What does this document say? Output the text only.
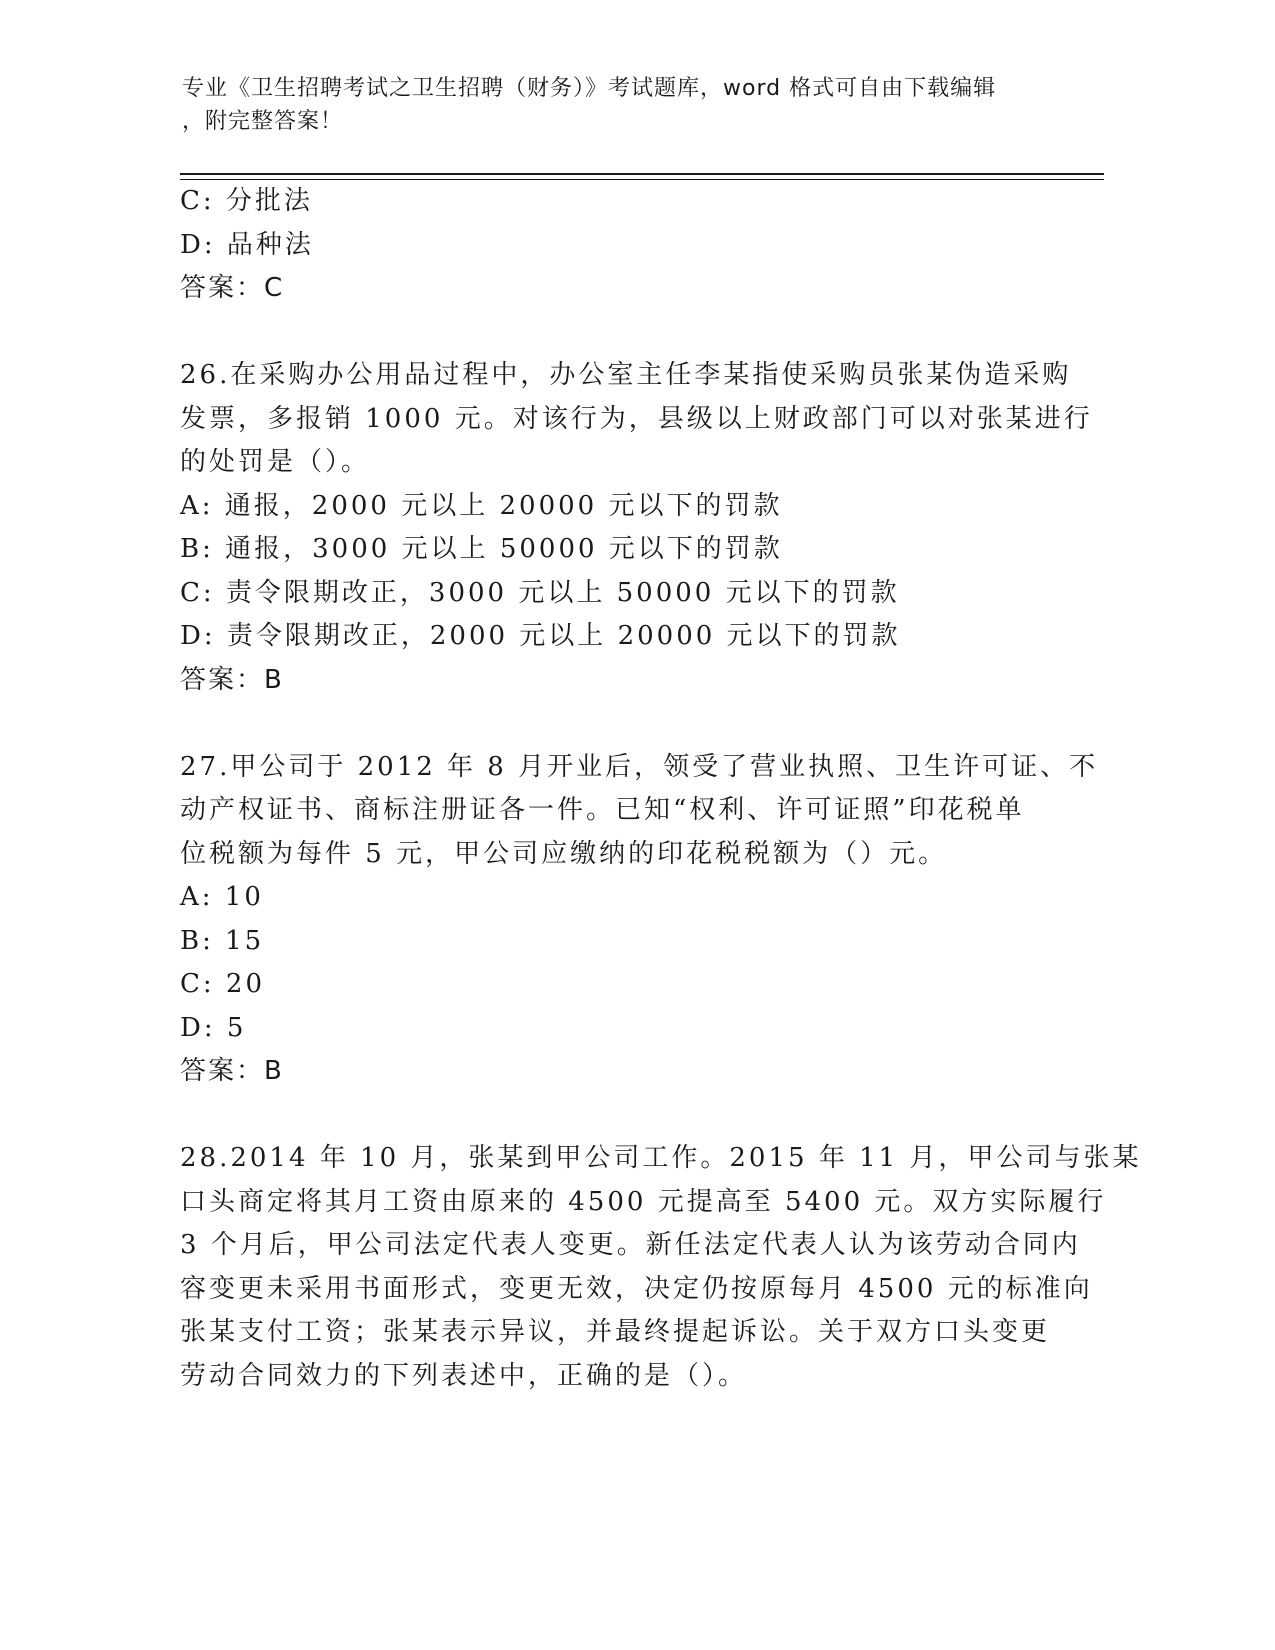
专业《卫生招聘考试之卫生招聘（财务）》考试题库，word 格式可自由下载编辑
，附完整答案！
C: 分批法
D: 品种法
答案：C
26.在采购办公用品过程中，办公室主任李某指使采购员张某伪造采购
发票，多报销 1000 元。对该行为，县级以上财政部门可以对张某进行
的处罚是（）。
A: 通报，2000 元以上 20000 元以下的罚款
B: 通报，3000 元以上 50000 元以下的罚款
C: 责令限期改正，3000 元以上 50000 元以下的罚款
D: 责令限期改正，2000 元以上 20000 元以下的罚款
答案：B
27.甲公司于 2012 年 8 月开业后，领受了营业执照、卫生许可证、不
动产权证书、商标注册证各一件。已知“权利、许可证照”印花税单
位税额为每件 5 元，甲公司应缴纳的印花税税额为（）元。
A: 10
B: 15
C: 20
D: 5
答案：B
28.2014 年 10 月，张某到甲公司工作。2015 年 11 月，甲公司与张某
口头商定将其月工资由原来的 4500 元提高至 5400 元。双方实际履行
3 个月后，甲公司法定代表人变更。新任法定代表人认为该劳动合同内
容变更未采用书面形式，变更无效，决定仍按原每月 4500 元的标准向
张某支付工资；张某表示异议，并最终提起诉讼。关于双方口头变更
劳动合同效力的下列表述中，正确的是（）。
